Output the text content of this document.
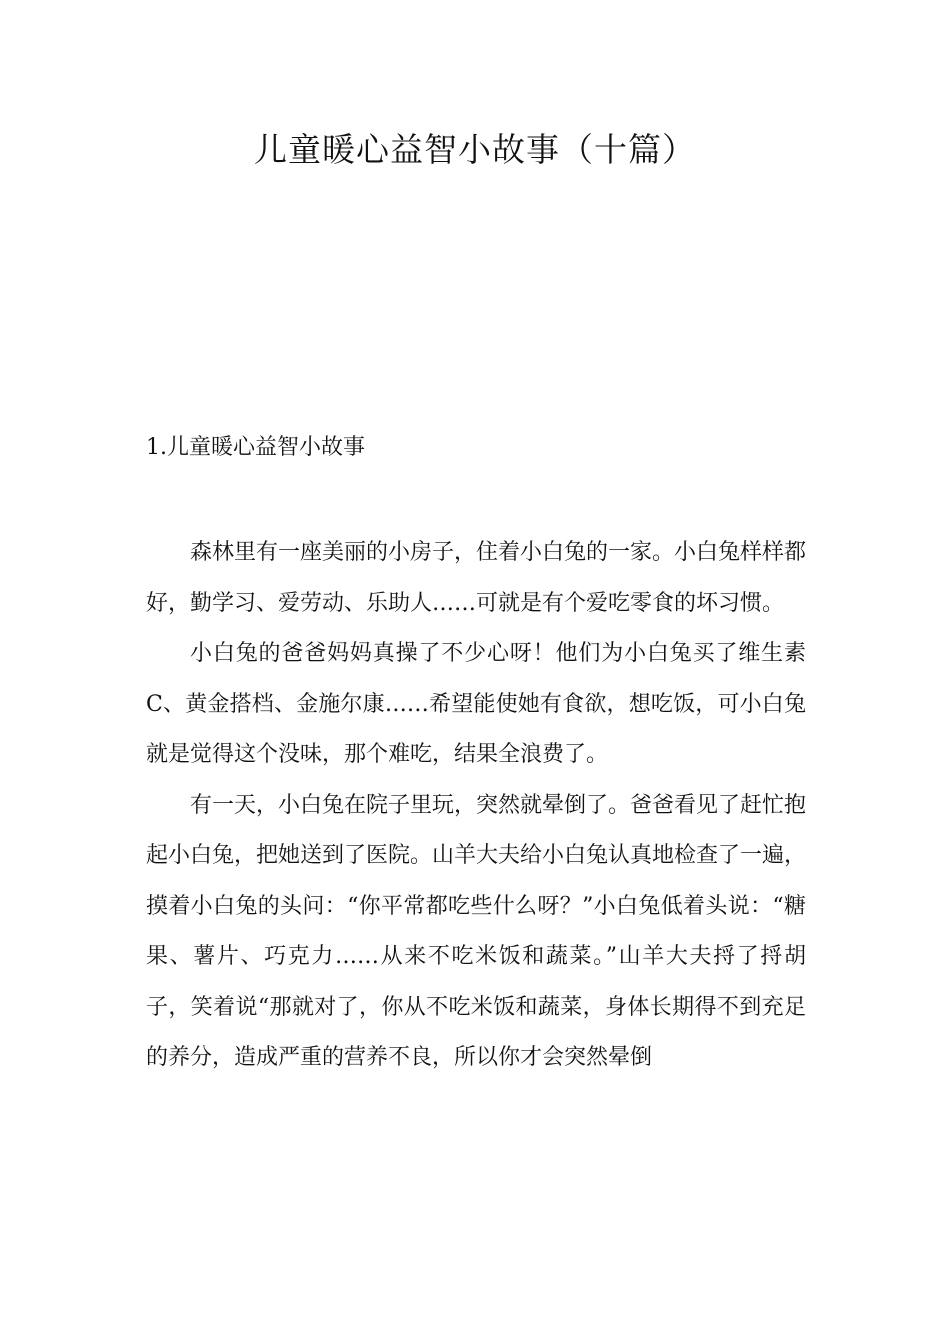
儿童暖心益智小故事（十篇）
1.儿童暖心益智小故事

森林里有一座美丽的小房子，住着小白兔的一家。小白兔样样都好，勤学习、爱劳动、乐助人……可就是有个爱吃零食的坏习惯。

小白兔的爸爸妈妈真操了不少心呀！他们为小白兔买了维生素C、黄金搭档、金施尔康……希望能使她有食欲，想吃饭，可小白兔就是觉得这个没味，那个难吃，结果全浪费了。

有一天，小白兔在院子里玩，突然就晕倒了。爸爸看见了赶忙抱起小白兔，把她送到了医院。山羊大夫给小白兔认真地检查了一遍，摸着小白兔的头问：“你平常都吃些什么呀？”小白兔低着头说：“糖果、薯片、巧克力……从来不吃米饭和蔬菜。”山羊大夫捋了捋胡子，笑着说“那就对了，你从不吃米饭和蔬菜，身体长期得不到充足的养分，造成严重的营养不良，所以你才会突然晕倒
